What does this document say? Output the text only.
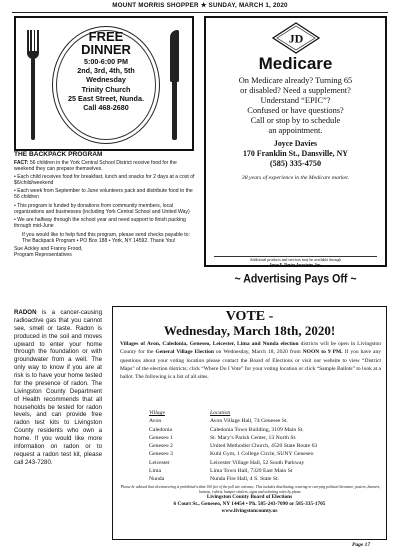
MOUNT MORRIS SHOPPER ★ SUNDAY, MARCH 1, 2020
FREE
DINNER
5:00-6:00 PM
2nd, 3rd, 4th, 5th
Wednesday
Trinity Church
25 East Street, Nunda.
Call 468-2680
THE BACKPACK PROGRAM

FACT: 56 children in the York Central School District receive food for the weekend they can prepare themselves.

• Each child receives food for breakfast, lunch and snacks for 2 days at a cost of $6/child/weekend

• Each week from September to June volunteers pack and distribute food to the 56 children

• This program is funded by donations from community members, local organizations and businesses (including York Central School and United Way)

• We are halfway through the school year and need support to finish packing through mid-June

If you would like to help fund this program, please send checks payable to: The Backpack Program • PO Box 188 • York, NY 14592. Thank You!

Sue Ackley and Franny Frood,
Program Representatives
JD
Medicare
On Medicare already? Turning 65
or disabled? Need a supplement?
Understand “EPIC”?
Confused or have questions?
Call or stop by to schedule
an appointment.
Joyce Davies
170 Franklin St., Dansville, NY
(585) 335-4750
38 years of experience in the Medicare market.
Additional products and services may be available through
Joyce E. Davies Associates, Inc.
~ Advertising Pays Off ~
RADON is a cancer-causing radioactive gas that you cannot see, smell or taste. Radon is produced in the soil and moves upward to enter your home through the foundation or with groundwater from a well. The only way to know if you are at risk is to have your home tested for the presence of radon. The Livingston County Department of Health recommends that all households be tested for radon levels, and can provide free radon test kits to Livingston County residents who own a home. If you would like more information on radon or to request a radon test kit, please call 243-7280.
VOTE -
Wednesday, March 18th, 2020!
Villages of Avon, Caledonia, Geneseo, Leicester, Lima and Nunda election districts will be open in Livingston County for the General Village Election on Wednesday, March 18, 2020 from NOON to 9 PM. If you have any questions about your voting location please contact the Board of Elections or visit our website to view “District Maps” of the election districts; click “Where Do I Vote” for your voting location or click “Sample Ballots” to look at a ballot. The following is a list of all sites.
Village	Location
Avon	Avon Village Hall, 74 Genesee St.
Caledonia	Caledonia Town Building, 3109 Main St.
Geneseo 1	St. Mary’s Parish Center, 13 North St.
Geneseo 2	United Methodist Church, 4520 State Route 63
Geneseo 3	Kuhl Gym, 1 College Circle, SUNY Geneseo
Leicester	Leicester Village Hall, 52 South Parkway
Lima	Lima Town Hall, 7329 East Main St
Nunda	Nunda Fire Hall, 4 S. State St.
Please be advised that electioneering is prohibited within 100 feet of the poll site entrance. This includes distributing, wearing or carrying political literature, posters, banners, buttons, t-shirts, bumper stickers, signs and soliciting votes by phone.
Livingston County Board of Elections
6 Court St., Geneseo, NY 14454 • Ph. 585-243-7090 or 585-335-1705
www.livingstoncounty.us
Page 17
